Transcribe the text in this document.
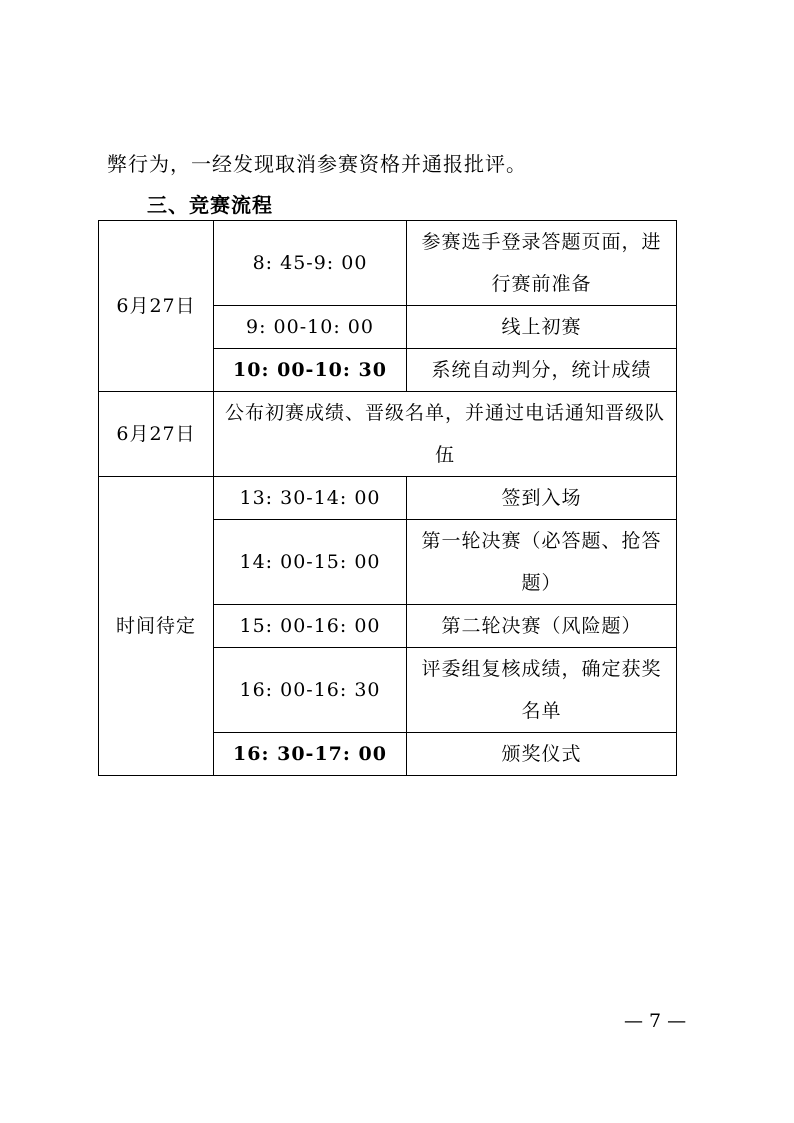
弊行为，一经发现取消参赛资格并通报批评。
三、竞赛流程
6月27日	8: 45-9: 00	参赛选手登录答题页面，进行赛前准备
	9: 00-10: 00	线上初赛
	10: 00-10: 30	系统自动判分，统计成绩
6月27日	公布初赛成绩、晋级名单，并通过电话通知晋级队伍	
时间待定	13: 30-14: 00	签到入场
	14: 00-15: 00	第一轮决赛（必答题、抢答题）
	15: 00-16: 00	第二轮决赛（风险题）
	16: 00-16: 30	评委组复核成绩，确定获奖名单
	16: 30-17: 00	颁奖仪式
— 7 —
